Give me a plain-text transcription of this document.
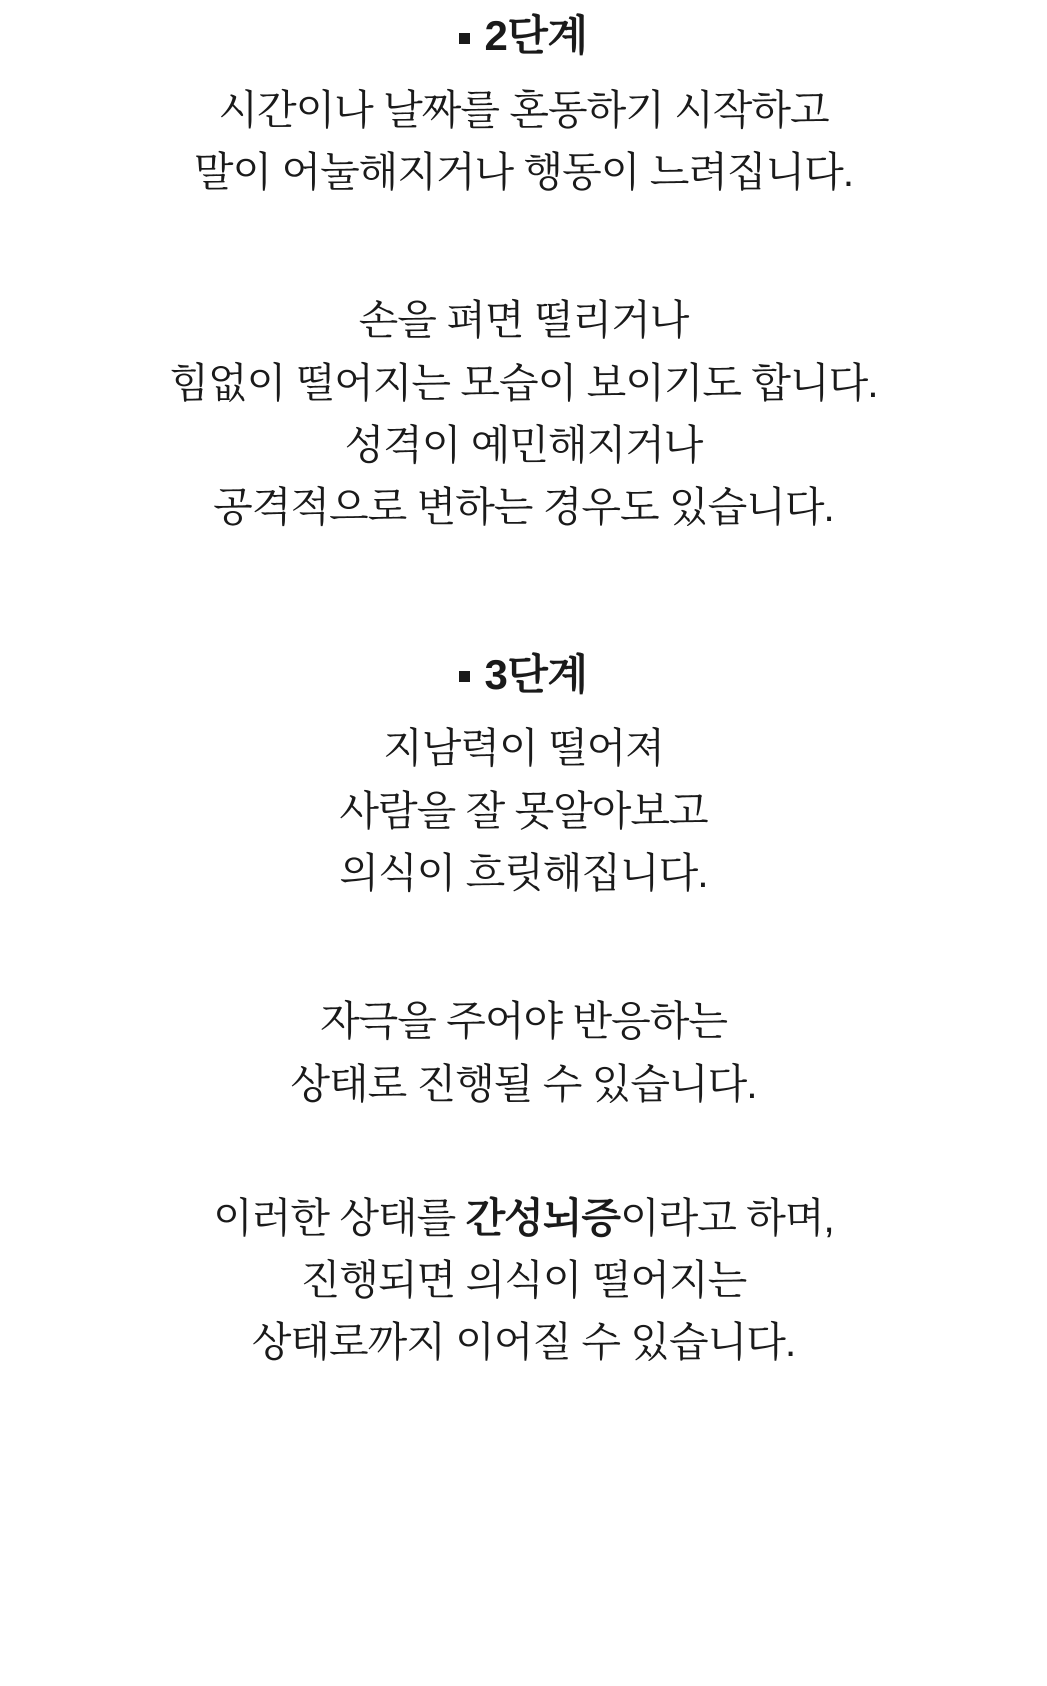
2단계

시간이나 날짜를 혼동하기 시작하고

말이 어눌해지거나 행동이 느려집니다.

손을 펴면 떨리거나

힘없이 떨어지는 모습이 보이기도 합니다.

성격이 예민해지거나

공격적으로 변하는 경우도 있습니다.

3단계

지남력이 떨어져

사람을 잘 못알아보고

의식이 흐릿해집니다.

자극을 주어야 반응하는

상태로 진행될 수 있습니다.

이러한 상태를 간성뇌증이라고 하며,

진행되면 의식이 떨어지는

상태로까지 이어질 수 있습니다.
